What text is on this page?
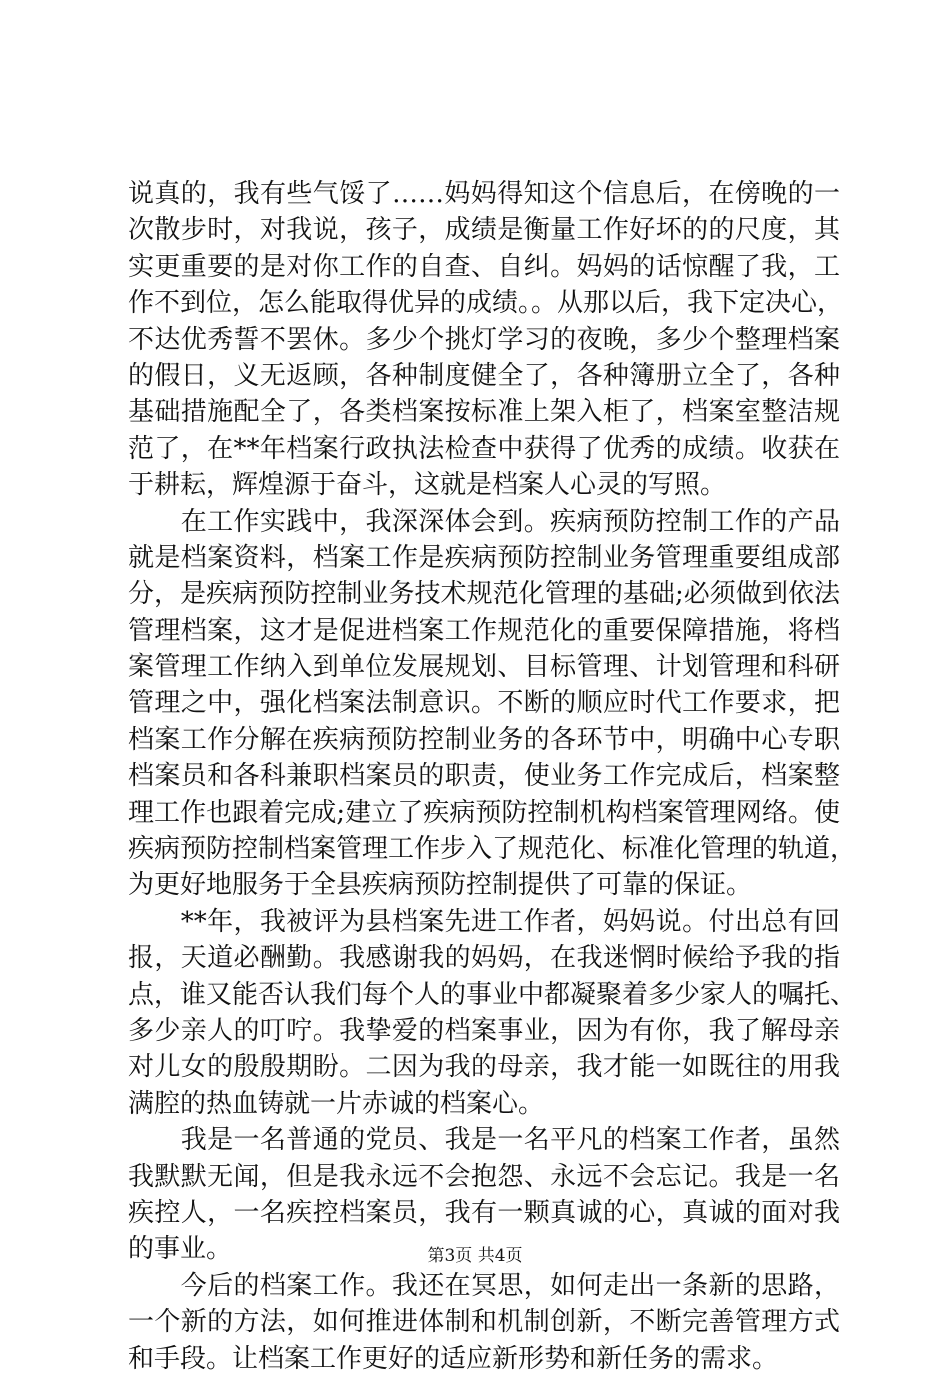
说真的，我有些气馁了……妈妈得知这个信息后，在傍晚的一
次散步时，对我说，孩子，成绩是衡量工作好坏的的尺度，其
实更重要的是对你工作的自查、自纠。妈妈的话惊醒了我，工
作不到位，怎么能取得优异的成绩。。从那以后，我下定决心，
不达优秀誓不罢休。多少个挑灯学习的夜晚，多少个整理档案
的假日，义无返顾，各种制度健全了，各种簿册立全了，各种
基础措施配全了，各类档案按标准上架入柜了，档案室整洁规
范了，在**年档案行政执法检查中获得了优秀的成绩。收获在
于耕耘，辉煌源于奋斗，这就是档案人心灵的写照。
　　在工作实践中，我深深体会到。疾病预防控制工作的产品
就是档案资料，档案工作是疾病预防控制业务管理重要组成部
分，是疾病预防控制业务技术规范化管理的基础;必须做到依法
管理档案，这才是促进档案工作规范化的重要保障措施，将档
案管理工作纳入到单位发展规划、目标管理、计划管理和科研
管理之中，强化档案法制意识。不断的顺应时代工作要求，把
档案工作分解在疾病预防控制业务的各环节中，明确中心专职
档案员和各科兼职档案员的职责，使业务工作完成后，档案整
理工作也跟着完成;建立了疾病预防控制机构档案管理网络。使
疾病预防控制档案管理工作步入了规范化、标准化管理的轨道，
为更好地服务于全县疾病预防控制提供了可靠的保证。
　　**年，我被评为县档案先进工作者，妈妈说。付出总有回
报，天道必酬勤。我感谢我的妈妈，在我迷惘时候给予我的指
点，谁又能否认我们每个人的事业中都凝聚着多少家人的嘱托、
多少亲人的叮咛。我挚爱的档案事业，因为有你，我了解母亲
对儿女的殷殷期盼。二因为我的母亲，我才能一如既往的用我
满腔的热血铸就一片赤诚的档案心。
　　我是一名普通的党员、我是一名平凡的档案工作者，虽然
我默默无闻，但是我永远不会抱怨、永远不会忘记。我是一名
疾控人，一名疾控档案员，我有一颗真诚的心，真诚的面对我
的事业。
　　今后的档案工作。我还在冥思，如何走出一条新的思路，
一个新的方法，如何推进体制和机制创新，不断完善管理方式
和手段。让档案工作更好的适应新形势和新任务的需求。
第3页 共4页
